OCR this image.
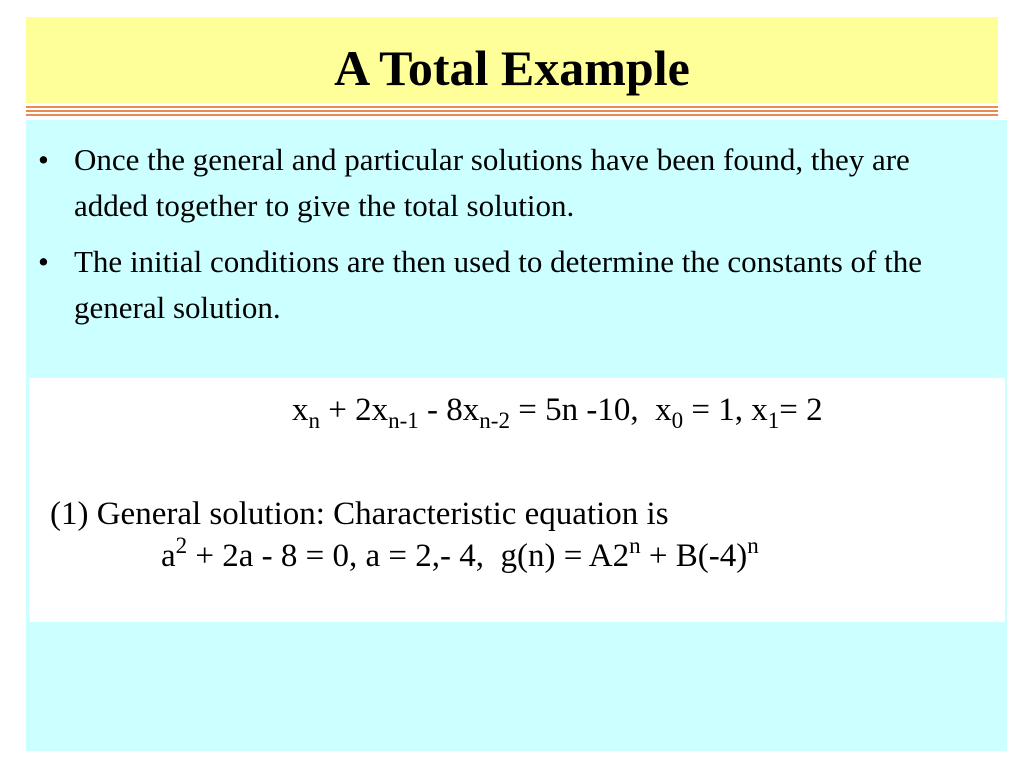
A Total Example
• Once the general and particular solutions have been found, they are added together to give the total solution.
• The initial conditions are then used to determine the constants of the general solution.
$x_n + 2x_{n-1} - 8x_{n-2} = 5n$ -10,  $x_0 = 1$, $x_1= 2$
(1) General solution: Characteristic equation is
$a^2 + 2a - 8 = 0$, a = 2,- 4,  $g(n) = A2^n + B(-4)^n$
